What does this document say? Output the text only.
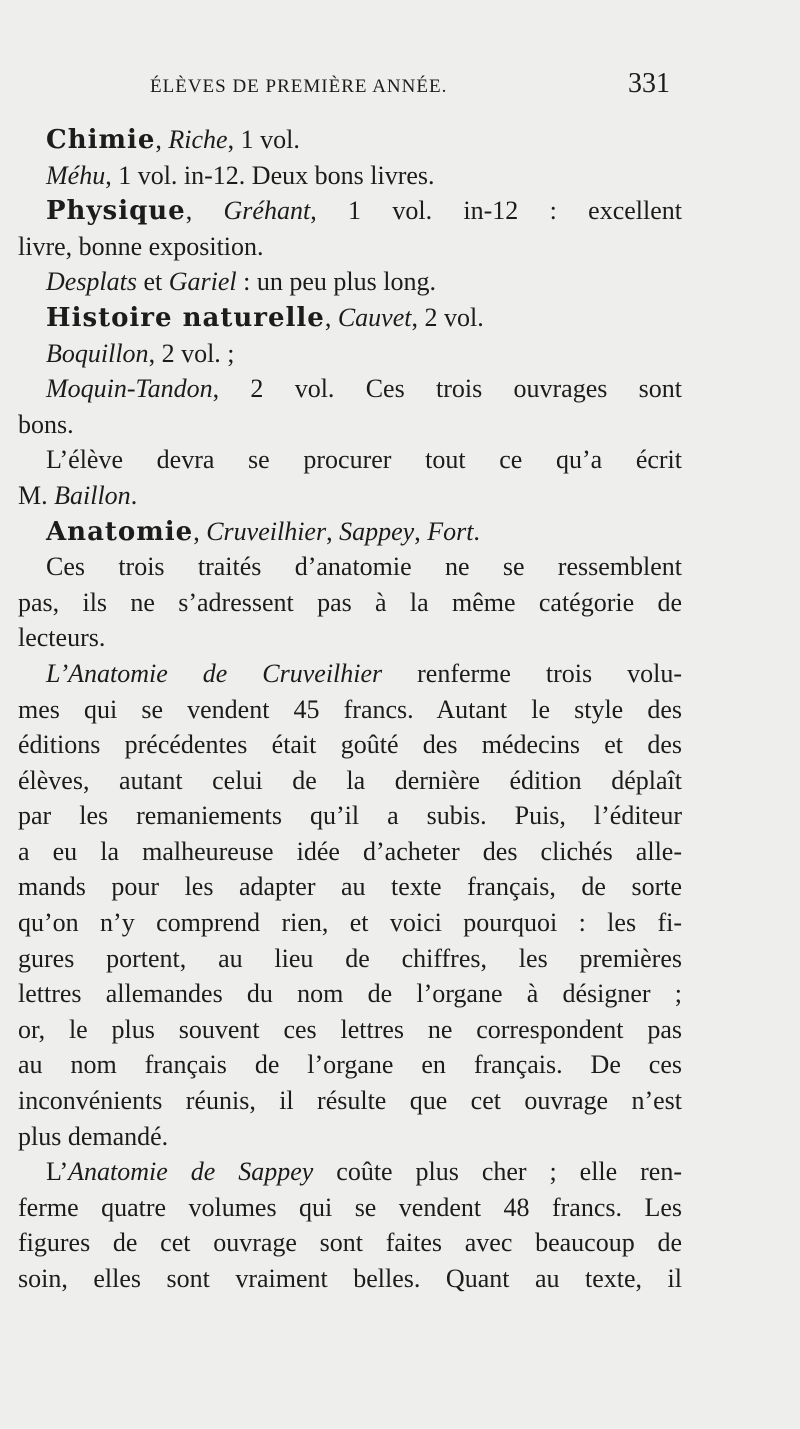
ÉLÈVES DE PREMIÈRE ANNÉE.	331
Chimie, Riche, 1 vol.
Méhu, 1 vol. in-12. Deux bons livres.
Physique, Gréhant, 1 vol. in-12 : excellent
livre, bonne exposition.
Desplats et Gariel : un peu plus long.
Histoire naturelle, Cauvet, 2 vol.
Boquillon, 2 vol. ;
Moquin-Tandon, 2 vol. Ces trois ouvrages sont
bons.
L’élève devra se procurer tout ce qu’a écrit
M. Baillon.
Anatomie, Cruveilhier, Sappey, Fort.
Ces trois traités d’anatomie ne se ressemblent
pas, ils ne s’adressent pas à la même catégorie de
lecteurs.
L’Anatomie de Cruveilhier renferme trois volu-
mes qui se vendent 45 francs. Autant le style des
éditions précédentes était goûté des médecins et des
élèves, autant celui de la dernière édition déplaît
par les remaniements qu’il a subis. Puis, l’éditeur
a eu la malheureuse idée d’acheter des clichés alle-
mands pour les adapter au texte français, de sorte
qu’on n’y comprend rien, et voici pourquoi : les fi-
gures portent, au lieu de chiffres, les premières
lettres allemandes du nom de l’organe à désigner ;
or, le plus souvent ces lettres ne correspondent pas
au nom français de l’organe en français. De ces
inconvénients réunis, il résulte que cet ouvrage n’est
plus demandé.
L’Anatomie de Sappey coûte plus cher ; elle ren-
ferme quatre volumes qui se vendent 48 francs. Les
figures de cet ouvrage sont faites avec beaucoup de
soin, elles sont vraiment belles. Quant au texte, il
